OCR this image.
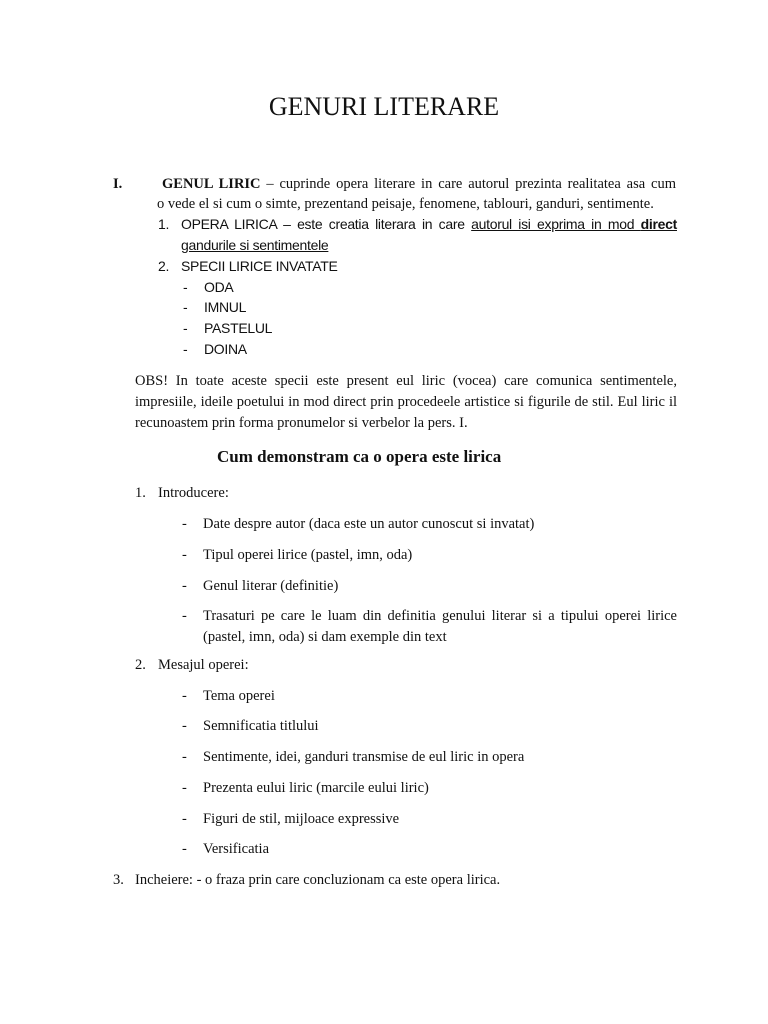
GENURI LITERARE
I.	GENUL LIRIC – cuprinde opera literare in care autorul prezinta realitatea asa cum
o vede el si cum o simte, prezentand peisaje, fenomene, tablouri, ganduri, sentimente.
1. OPERA LIRICA – este creatia literara in care autorul isi exprima in mod direct
gandurile si sentimentele
2. SPECII LIRICE INVATATE
- ODA
- IMNUL
- PASTELUL
- DOINA
OBS! In toate aceste specii este present eul liric (vocea) care comunica sentimentele, impresiile, ideile poetului in mod direct prin procedeele artistice si figurile de stil. Eul liric il recunoastem prin forma pronumelor si verbelor la pers. I.
Cum demonstram ca o opera este lirica
1. Introducere:
- Date despre autor (daca este un autor cunoscut si invatat)
- Tipul operei lirice (pastel, imn, oda)
- Genul literar (definitie)
- Trasaturi pe care le luam din definitia genului literar si a tipului operei lirice (pastel, imn, oda) si dam exemple din text
2. Mesajul operei:
- Tema operei
- Semnificatia titlului
- Sentimente, idei, ganduri transmise de eul liric in opera
- Prezenta eului liric (marcile eului liric)
- Figuri de stil, mijloace expressive
- Versificatia
3. Incheiere: - o fraza prin care concluzionam ca este opera lirica.
